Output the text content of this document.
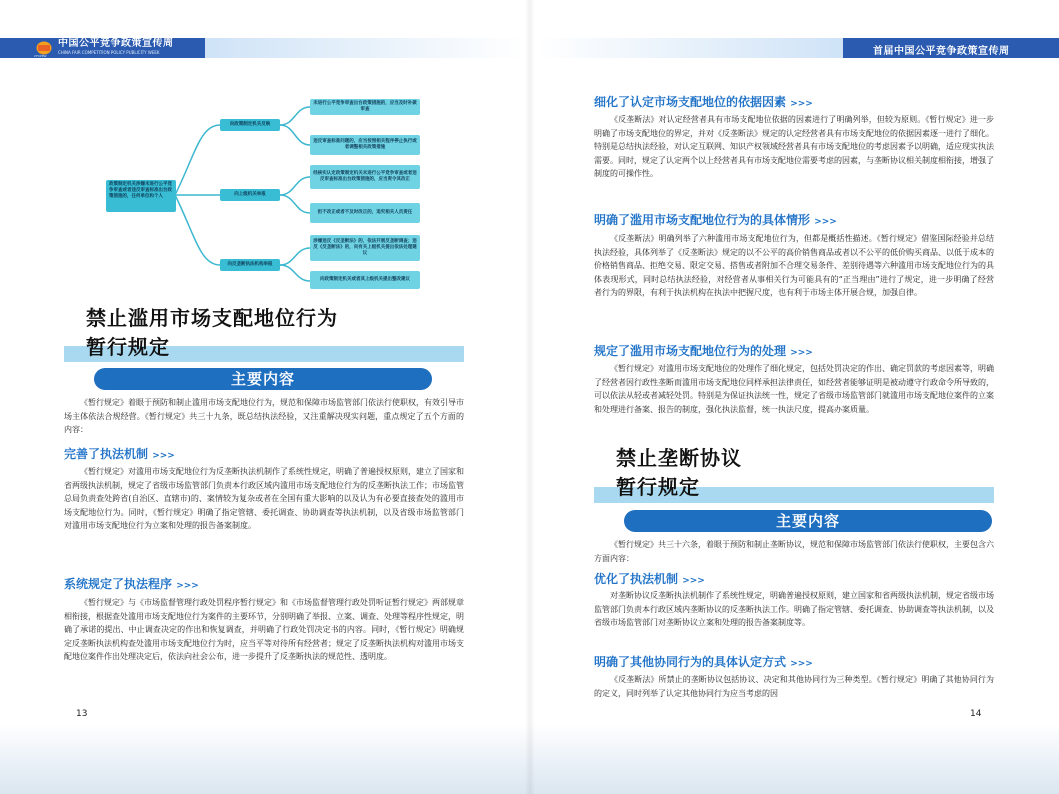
中国公平竞争政策宣传周
CHINA FAIR COMPETITION POLICY PUBLICITY WEEK
CFCPPW	首届中国公平竞争政策宣传周
政策制定机关涉嫌未进行公平竞争审查或者违反审查标准出台政策措施的，任何单位和个人
向政策制定机关反映
向上级机关举报
向反垄断执法机构举报
未进行公平竞争审查出台政策措施的，应当及时补做审查
违反审查标准问题的，应当按照相关程序停止执行或者调整相关政策措施
经核实认定政策制定机关未进行公平竞争审查或者违反审查标准出台政策措施的，应当责令其改正
拒不改正或者不及时改正的，追究相关人员责任
涉嫌违反《反垄断法》的，依法开展反垄断调查；违反《反垄断法》的，向有关上级机关提出依法处理建议
向政策制定机关或者其上级机关提出整改建议
禁止滥用市场支配地位行为
暂行规定
主要内容
《暂行规定》着眼于预防和制止滥用市场支配地位行为，规范和保障市场监管部门依法行使职权，有效引导市场主体依法合规经营。《暂行规定》共三十九条，既总结执法经验，又注重解决现实问题，重点规定了五个方面的内容：
完善了执法机制 >>>
《暂行规定》对滥用市场支配地位行为反垄断执法机制作了系统性规定，明确了普遍授权原则，建立了国家和省两级执法机制，规定了省级市场监管部门负责本行政区域内滥用市场支配地位行为的反垄断执法工作；市场监管总局负责查处跨省(自治区、直辖市)的、案情较为复杂或者在全国有重大影响的以及认为有必要直接查处的滥用市场支配地位行为。同时，《暂行规定》明确了指定管辖、委托调查、协助调查等执法机制，以及省级市场监管部门对滥用市场支配地位行为立案和处理的报告备案制度。
系统规定了执法程序 >>>
《暂行规定》与《市场监督管理行政处罚程序暂行规定》和《市场监督管理行政处罚听证暂行规定》两部规章相衔接，根据查处滥用市场支配地位行为案件的主要环节，分别明确了举报、立案、调查、处理等程序性规定，明确了承诺的提出、中止调查决定的作出和恢复调查，并明确了行政处罚决定书的内容。同时，《暂行规定》明确规定反垄断执法机构查处滥用市场支配地位行为时，应当平等对待所有经营者；规定了反垄断执法机构对滥用市场支配地位案件作出处理决定后，依法向社会公布，进一步提升了反垄断执法的规范性、透明度。
13
细化了认定市场支配地位的依据因素 >>>
《反垄断法》对认定经营者具有市场支配地位依据的因素进行了明确列举，但较为原则。《暂行规定》进一步明确了市场支配地位的界定，并对《反垄断法》规定的认定经营者具有市场支配地位的依据因素逐一进行了细化。特别是总结执法经验，对认定互联网、知识产权领域经营者具有市场支配地位的考虑因素予以明确，适应现实执法需要。同时，规定了认定两个以上经营者具有市场支配地位需要考虑的因素，与垄断协议相关制度相衔接，增强了制度的可操作性。
明确了滥用市场支配地位行为的具体情形 >>>
《反垄断法》明确列举了六种滥用市场支配地位行为，但都是概括性描述。《暂行规定》借鉴国际经验并总结执法经验，具体列举了《反垄断法》规定的以不公平的高价销售商品或者以不公平的低价购买商品、以低于成本的价格销售商品、拒绝交易、限定交易、搭售或者附加不合理交易条件、差别待遇等六种滥用市场支配地位行为的具体表现形式，同时总结执法经验，对经营者从事相关行为可能具有的“正当理由”进行了规定，进一步明确了经营者行为的界限，有利于执法机构在执法中把握尺度，也有利于市场主体开展合规，加强自律。
规定了滥用市场支配地位行为的处理 >>>
《暂行规定》对滥用市场支配地位的处理作了细化规定，包括处罚决定的作出、确定罚款的考虑因素等，明确了经营者因行政性垄断而滥用市场支配地位同样承担法律责任，如经营者能够证明是被动遵守行政命令所导致的，可以依法从轻或者减轻处罚。特别是为保证执法统一性，规定了省级市场监管部门就滥用市场支配地位案件的立案和处理进行备案、报告的制度，强化执法监督，统一执法尺度，提高办案质量。
禁止垄断协议
暂行规定
主要内容
《暂行规定》共三十六条，着眼于预防和制止垄断协议，规范和保障市场监管部门依法行使职权，主要包含六方面内容：
优化了执法机制 >>>
对垄断协议反垄断执法机制作了系统性规定，明确普遍授权原则，建立国家和省两级执法机制，规定省级市场监管部门负责本行政区域内垄断协议的反垄断执法工作。明确了指定管辖、委托调查、协助调查等执法机制，以及省级市场监管部门对垄断协议立案和处理的报告备案制度等。
明确了其他协同行为的具体认定方式 >>>
《反垄断法》所禁止的垄断协议包括协议、决定和其他协同行为三种类型。《暂行规定》明确了其他协同行为的定义，同时列举了认定其他协同行为应当考虑的因
14
